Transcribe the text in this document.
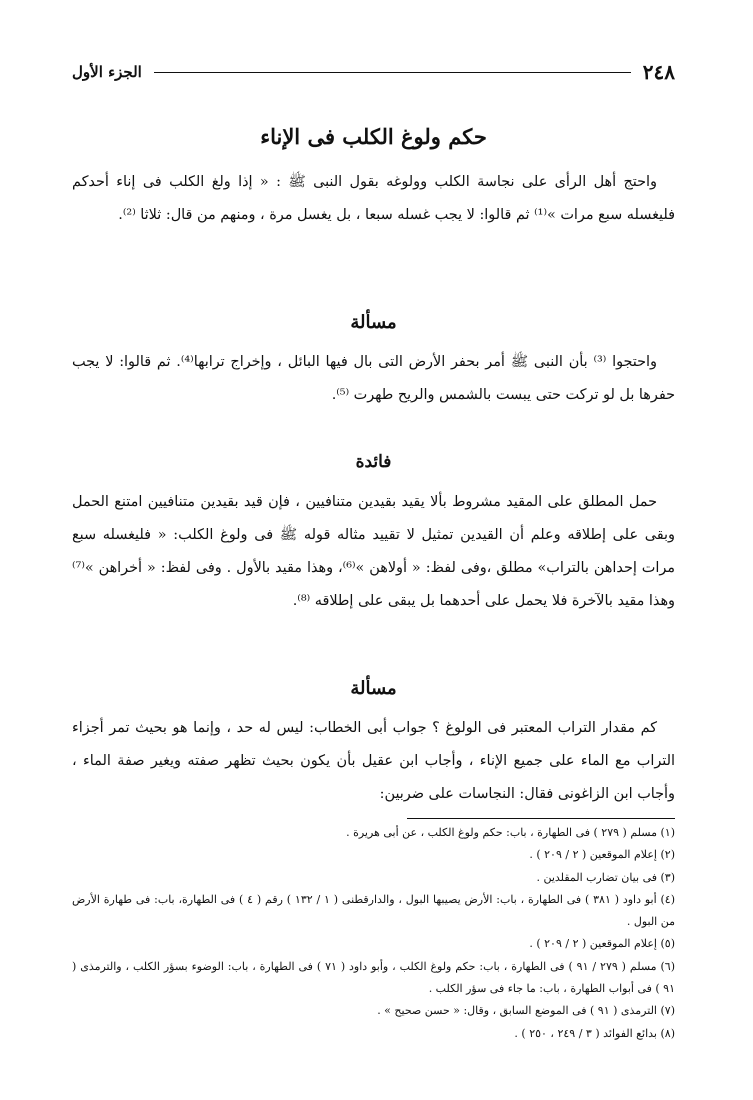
٢٤٨
الجزء الأول
حكم ولوغ الكلب فى الإناء

واحتج أهل الرأى على نجاسة الكلب وولوغه بقول النبى ﷺ : « إذا ولغ الكلب فى إناء أحدكم فليغسله سبع مرات »⁽¹⁾ ثم قالوا: لا يجب غسله سبعا ، بل يغسل مرة ، ومنهم من قال: ثلاثا ⁽²⁾.

مسألة

واحتجوا ⁽³⁾ بأن النبى ﷺ أمر بحفر الأرض التى بال فيها البائل ، وإخراج ترابها⁽⁴⁾. ثم قالوا: لا يجب حفرها بل لو تركت حتى يبست بالشمس والريح طهرت ⁽⁵⁾.

فائدة

حمل المطلق على المقيد مشروط بألا يقيد بقيدين متنافيين ، فإن قيد بقيدين متنافيين امتنع الحمل وبقى على إطلاقه وعلم أن القيدين تمثيل لا تقييد مثاله قوله ﷺ فى ولوغ الكلب: « فليغسله سبع مرات إحداهن بالتراب» مطلق ،وفى لفظ: « أولاهن »⁽⁶⁾، وهذا مقيد بالأول . وفى لفظ: « أخراهن »⁽⁷⁾وهذا مقيد بالآخرة فلا يحمل على أحدهما بل يبقى على إطلاقه ⁽⁸⁾.

مسألة

كم مقدار التراب المعتبر فى الولوغ ؟ جواب أبى الخطاب: ليس له حد ، وإنما هو بحيث تمر أجزاء التراب مع الماء على جميع الإناء ، وأجاب ابن عقيل بأن يكون بحيث تظهر صفته ويغير صفة الماء ، وأجاب ابن الزاغونى فقال: النجاسات على ضربين:

(١) مسلم ( ٢٧٩ ) فى الطهارة ، باب: حكم ولوغ الكلب ، عن أبى هريرة .
(٢) إعلام الموقعين ( ٢ / ٢٠٩ ) .
(٣) فى بيان تضارب المقلدين .
(٤) أبو داود ( ٣٨١ ) فى الطهارة ، باب: الأرض يصيبها البول ، والدارقطنى ( ١ / ١٣٢ ) رقم ( ٤ ) فى الطهارة، باب: فى طهارة الأرض من البول .
(٥) إعلام الموقعين ( ٢ / ٢٠٩ ) .
(٦) مسلم ( ٢٧٩ / ٩١ ) فى الطهارة ، باب: حكم ولوغ الكلب ، وأبو داود ( ٧١ ) فى الطهارة ، باب: الوضوء بسؤر الكلب ، والترمذى ( ٩١ ) فى أبواب الطهارة ، باب: ما جاء فى سؤر الكلب .
(٧) الترمذى ( ٩١ ) فى الموضع السابق ، وقال: « حسن صحيح » .
(٨) بدائع الفوائد ( ٣ / ٢٤٩ ، ٢٥٠ ) .
